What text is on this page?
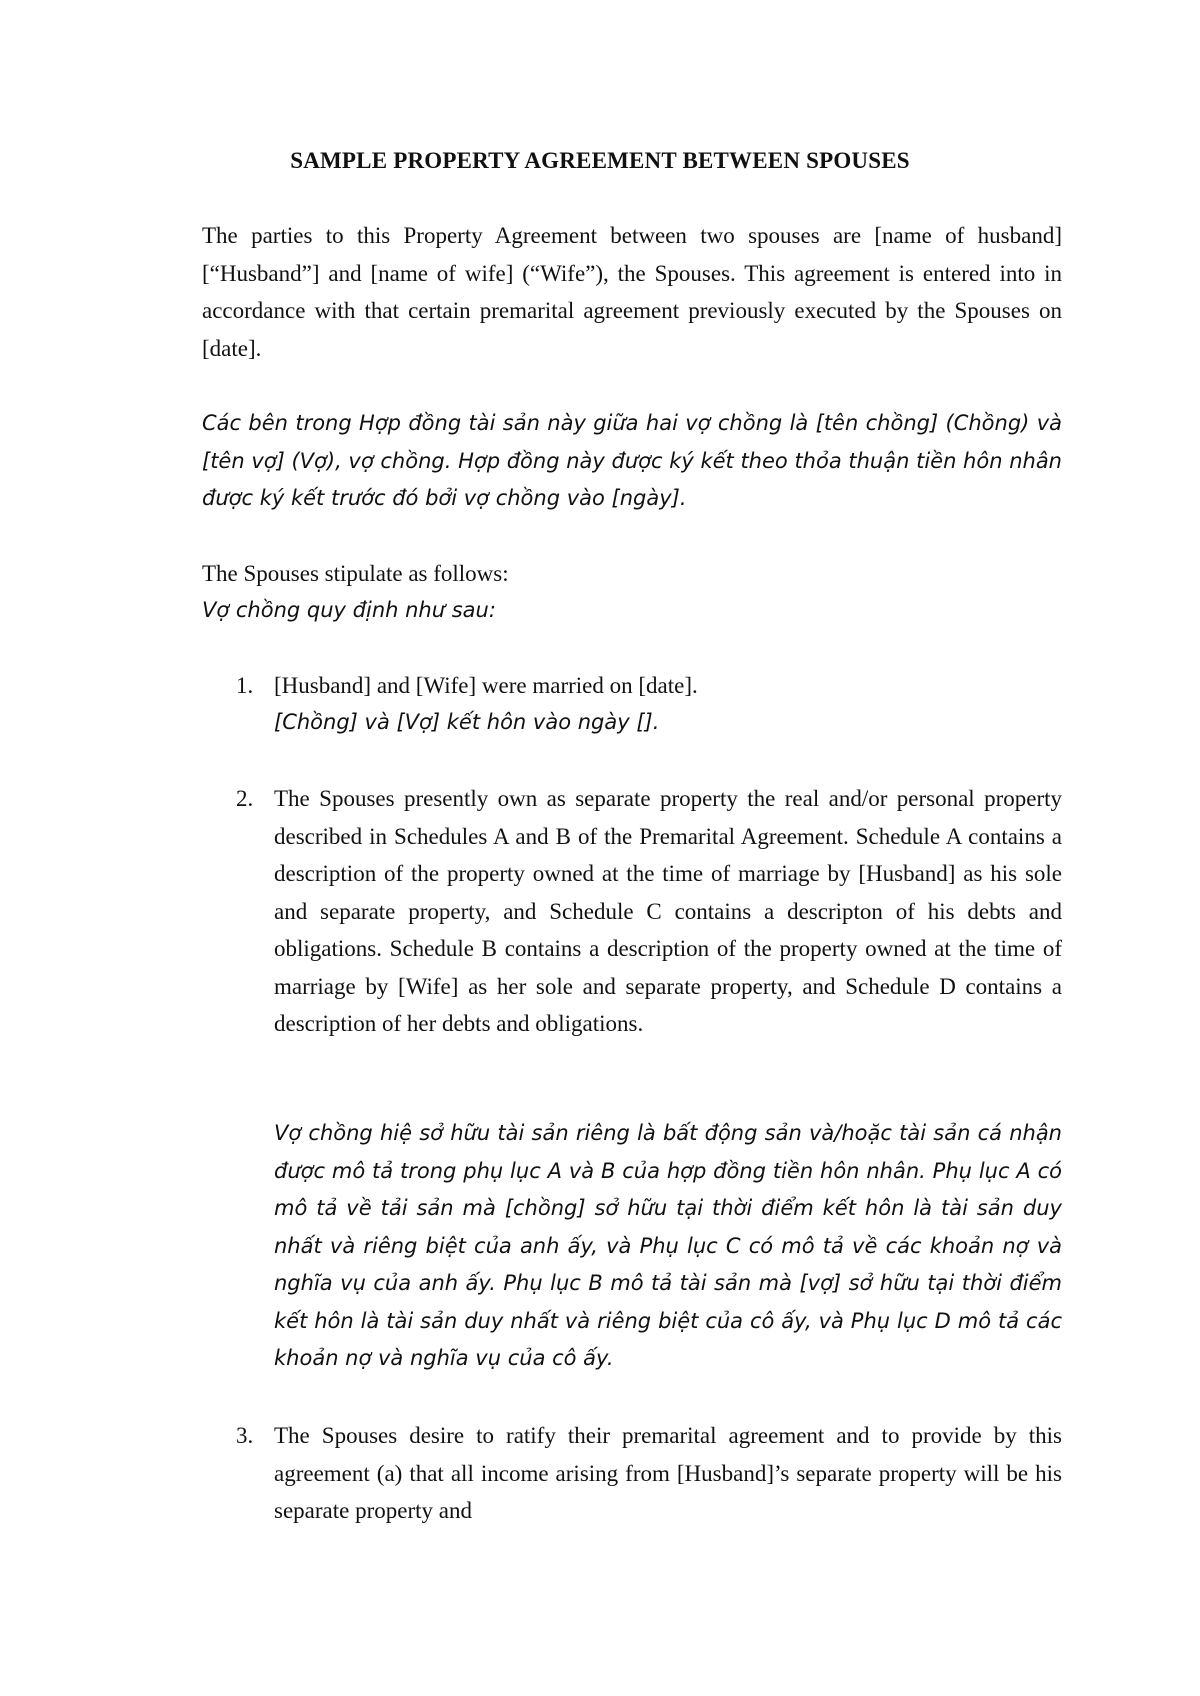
SAMPLE PROPERTY AGREEMENT BETWEEN SPOUSES
The parties to this Property Agreement between two spouses are [name of husband] [“Husband”] and [name of wife] (“Wife”), the Spouses. This agreement is entered into in accordance with that certain premarital agreement previously executed by the Spouses on [date].
Các bên trong Hợp đồng tài sản này giữa hai vợ chồng là [tên chồng] (Chồng) và [tên vợ] (Vợ), vợ chồng. Hợp đồng này được ký kết theo thỏa thuận tiền hôn nhân được ký kết trước đó bởi vợ chồng vào [ngày].
The Spouses stipulate as follows:
Vợ chồng quy định như sau:
1. [Husband] and [Wife] were married on [date].
[Chồng] và [Vợ] kết hôn vào ngày [].
2. The Spouses presently own as separate property the real and/or personal property described in Schedules A and B of the Premarital Agreement. Schedule A contains a description of the property owned at the time of marriage by [Husband] as his sole and separate property, and Schedule C contains a descripton of his debts and obligations. Schedule B contains a description of the property owned at the time of marriage by [Wife] as her sole and separate property, and Schedule D contains a description of her debts and obligations.
Vợ chồng hiệ sở hữu tài sản riêng là bất động sản và/hoặc tài sản cá nhận được mô tả trong phụ lục A và B của hợp đồng tiền hôn nhân. Phụ lục A có mô tả về tải sản mà [chồng] sở hữu tại thời điểm kết hôn là tài sản duy nhất và riêng biệt của anh ấy, và Phụ lục C có mô tả về các khoản nợ và nghĩa vụ của anh ấy. Phụ lục B mô tả tài sản mà [vợ] sở hữu tại thời điểm kết hôn là tài sản duy nhất và riêng biệt của cô ấy, và Phụ lục D mô tả các khoản nợ và nghĩa vụ của cô ấy.
3. The Spouses desire to ratify their premarital agreement and to provide by this agreement (a) that all income arising from [Husband]’s separate property will be his separate property and
